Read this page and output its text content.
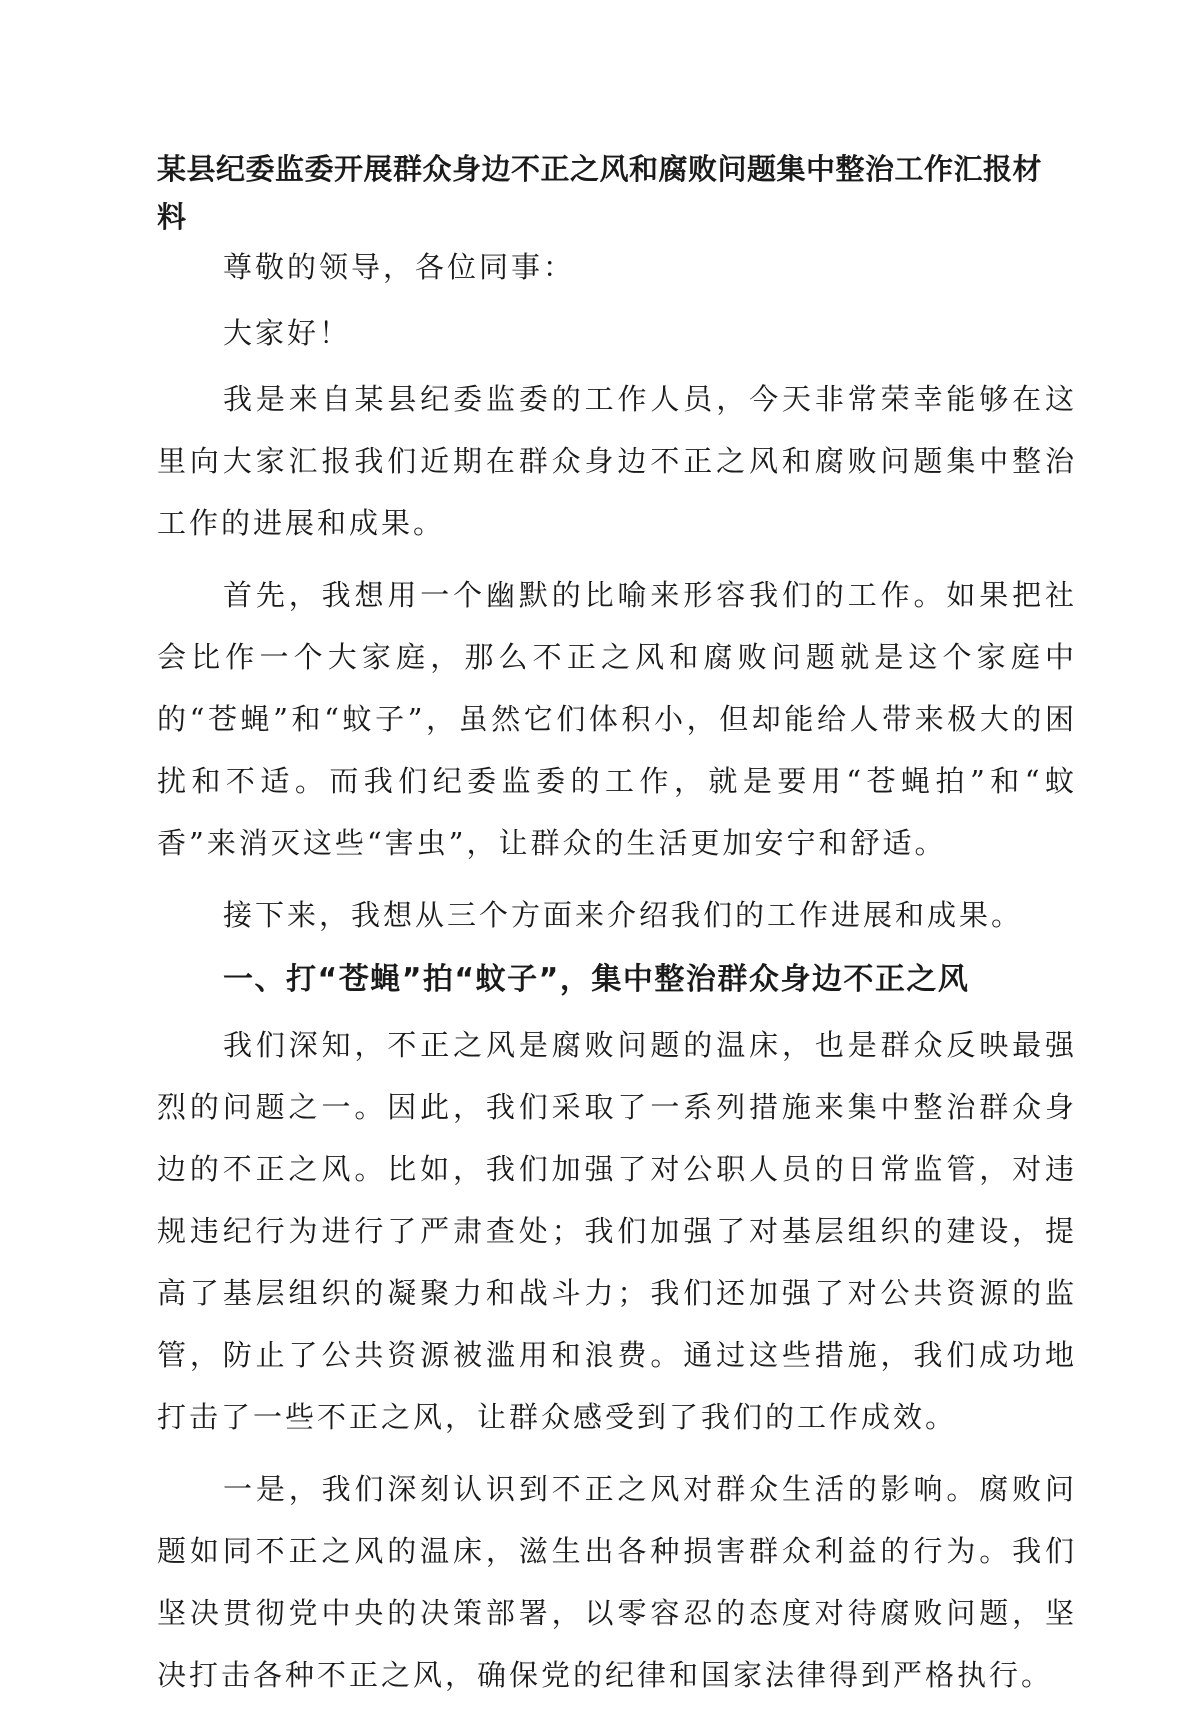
某县纪委监委开展群众身边不正之风和腐败问题集中整治工作汇报材料

尊敬的领导，各位同事：

大家好！

我是来自某县纪委监委的工作人员，今天非常荣幸能够在这里向大家汇报我们近期在群众身边不正之风和腐败问题集中整治工作的进展和成果。

首先，我想用一个幽默的比喻来形容我们的工作。如果把社会比作一个大家庭，那么不正之风和腐败问题就是这个家庭中的“苍蝇”和“蚊子”，虽然它们体积小，但却能给人带来极大的困扰和不适。而我们纪委监委的工作，就是要用“苍蝇拍”和“蚊香”来消灭这些“害虫”，让群众的生活更加安宁和舒适。

接下来，我想从三个方面来介绍我们的工作进展和成果。

一、打“苍蝇”拍“蚊子”，集中整治群众身边不正之风

我们深知，不正之风是腐败问题的温床，也是群众反映最强烈的问题之一。因此，我们采取了一系列措施来集中整治群众身边的不正之风。比如，我们加强了对公职人员的日常监管，对违规违纪行为进行了严肃查处；我们加强了对基层组织的建设，提高了基层组织的凝聚力和战斗力；我们还加强了对公共资源的监管，防止了公共资源被滥用和浪费。通过这些措施，我们成功地打击了一些不正之风，让群众感受到了我们的工作成效。

一是，我们深刻认识到不正之风对群众生活的影响。腐败问题如同不正之风的温床，滋生出各种损害群众利益的行为。我们坚决贯彻党中央的决策部署，以零容忍的态度对待腐败问题，坚决打击各种不正之风，确保党的纪律和国家法律得到严格执行。
